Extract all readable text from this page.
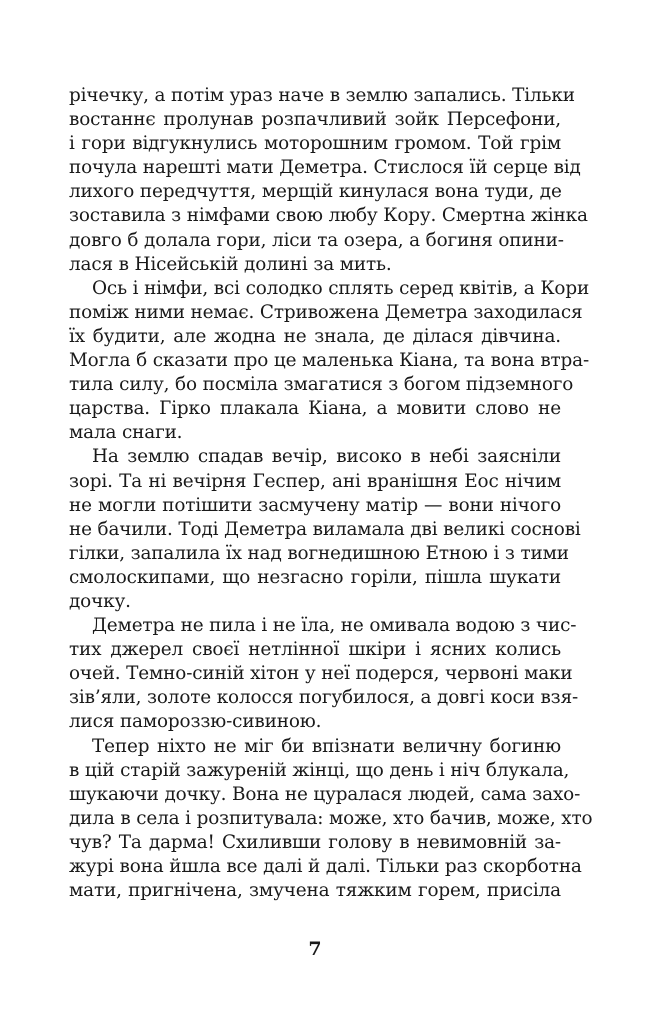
річечку, а потім ураз наче в землю запались. Тільки
востаннє пролунав розпачливий зойк Персефони,
і гори відгукнулись моторошним громом. Той грім
почула нарешті мати Деметра. Стислося їй серце від
лихого передчуття, мерщій кинулася вона туди, де
зоставила з німфами свою любу Кору. Смертна жінка
довго б долала гори, ліси та озера, а богиня опини-
лася в Нісейській долині за мить.
Ось і німфи, всі солодко сплять серед квітів, а Кори
поміж ними немає. Стривожена Деметра заходилася
їх будити, але жодна не знала, де ділася дівчина.
Могла б сказати про це маленька Кіана, та вона втра-
тила силу, бо посміла змагатися з богом підземного
царства. Гірко плакала Кіана, а мовити слово не
мала снаги.
На землю спадав вечір, високо в небі заясніли
зорі. Та ні вечірня Геспер, ані вранішня Еос нічим
не могли потішити засмучену матір — вони нічого
не бачили. Тоді Деметра виламала дві великі соснові
гілки, запалила їх над вогнедишною Етною і з тими
смолоскипами, що незгасно горіли, пішла шукати
дочку.
Деметра не пила і не їла, не омивала водою з чис-
тих джерел своєї нетлінної шкіри і ясних колись
очей. Темно-синій хітон у неї подерся, червоні маки
зів’яли, золоте колосся погубилося, а довгі коси взя-
лися памороззю-сивиною.
Тепер ніхто не міг би впізнати величну богиню
в цій старій зажуреній жінці, що день і ніч блукала,
шукаючи дочку. Вона не цуралася людей, сама захо-
дила в села і розпитувала: може, хто бачив, може, хто
чув? Та дарма! Схиливши голову в невимовній за-
журі вона йшла все далі й далі. Тільки раз скорботна
мати, пригнічена, змучена тяжким горем, присіла
7
